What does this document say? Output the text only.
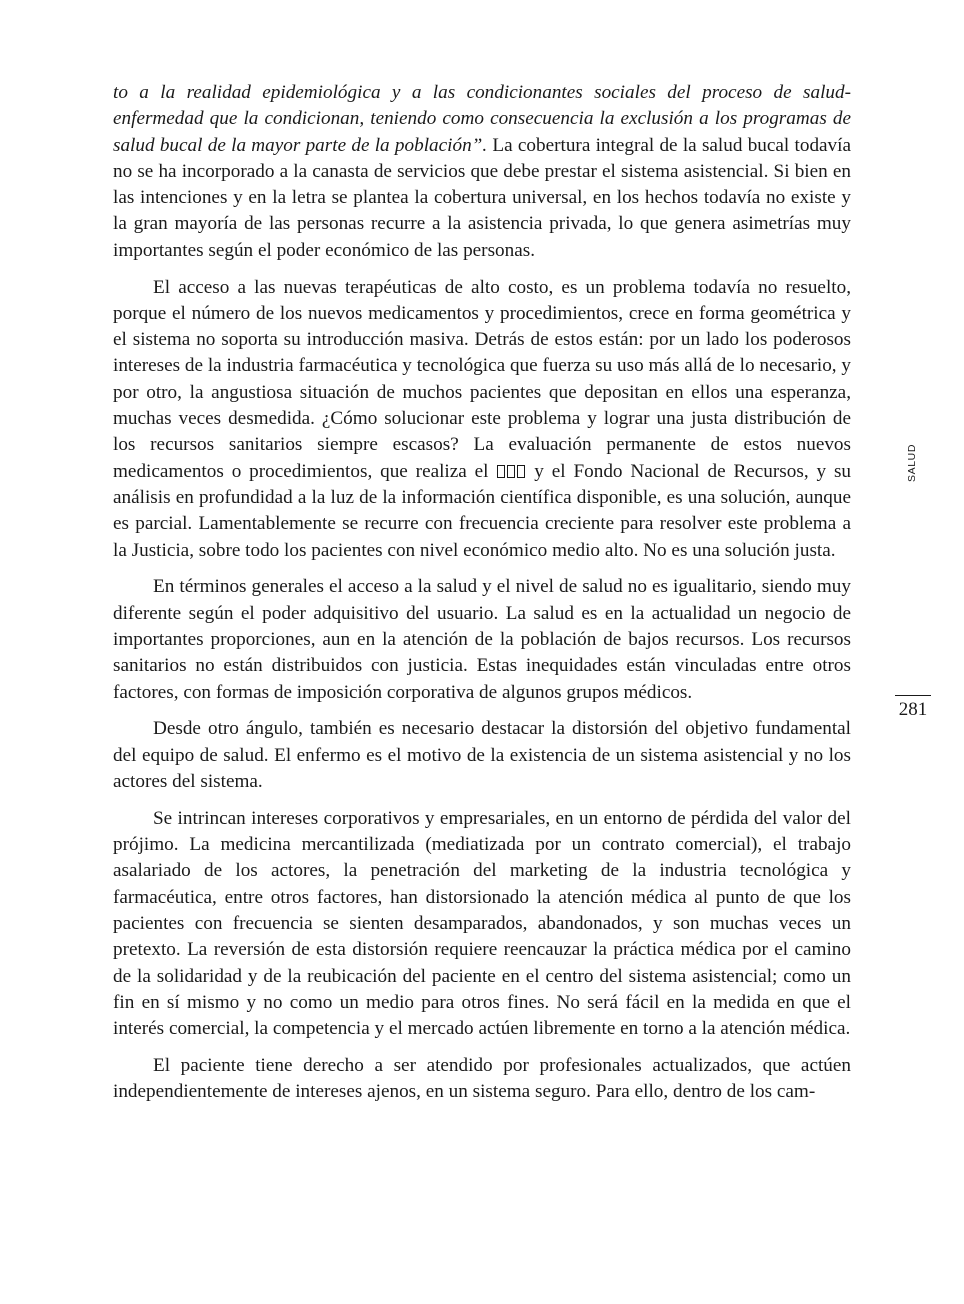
to a la realidad epidemiológica y a las condicionantes sociales del proceso de salud-enfermedad que la condicionan, teniendo como consecuencia la exclusión a los programas de salud bucal de la mayor parte de la población”. La cobertura integral de la salud bucal todavía no se ha incorporado a la canasta de servicios que debe prestar el sistema asistencial. Si bien en las intenciones y en la letra se plantea la cobertura universal, en los hechos todavía no existe y la gran mayoría de las personas recurre a la asistencia privada, lo que genera asimetrías muy importantes según el poder económico de las personas.

El acceso a las nuevas terapéuticas de alto costo, es un problema todavía no resuelto, porque el número de los nuevos medicamentos y procedimientos, crece en forma geométrica y el sistema no soporta su introducción masiva. Detrás de estos están: por un lado los poderosos intereses de la industria farmacéutica y tecnológica que fuerza su uso más allá de lo necesario, y por otro, la angustiosa situación de muchos pacientes que depositan en ellos una esperanza, muchas veces desmedida. ¿Cómo solucionar este problema y lograr una justa distribución de los recursos sanitarios siempre escasos? La evaluación permanente de estos nuevos medicamentos o procedimientos, que realiza el y el Fondo Nacional de Recursos, y su análisis en profundidad a la luz de la información científica disponible, es una solución, aunque es parcial. Lamentablemente se recurre con frecuencia creciente para resolver este problema a la Justicia, sobre todo los pacientes con nivel económico medio alto. No es una solución justa.

En términos generales el acceso a la salud y el nivel de salud no es igualitario, siendo muy diferente según el poder adquisitivo del usuario. La salud es en la actualidad un negocio de importantes proporciones, aun en la atención de la población de bajos recursos. Los recursos sanitarios no están distribuidos con justicia. Estas inequidades están vinculadas entre otros factores, con formas de imposición corporativa de algunos grupos médicos.

Desde otro ángulo, también es necesario destacar la distorsión del objetivo fundamental del equipo de salud. El enfermo es el motivo de la existencia de un sistema asistencial y no los actores del sistema.

Se intrincan intereses corporativos y empresariales, en un entorno de pérdida del valor del prójimo. La medicina mercantilizada (mediatizada por un contrato comercial), el trabajo asalariado de los actores, la penetración del marketing de la industria tecnológica y farmacéutica, entre otros factores, han distorsionado la atención médica al punto de que los pacientes con frecuencia se sienten desamparados, abandonados, y son muchas veces un pretexto. La reversión de esta distorsión requiere reencauzar la práctica médica por el camino de la solidaridad y de la reubicación del paciente en el centro del sistema asistencial; como un fin en sí mismo y no como un medio para otros fines. No será fácil en la medida en que el interés comercial, la competencia y el mercado actúen libremente en torno a la atención médica.

El paciente tiene derecho a ser atendido por profesionales actualizados, que actúen independientemente de intereses ajenos, en un sistema seguro. Para ello, dentro de los cam-

SALUD
281
